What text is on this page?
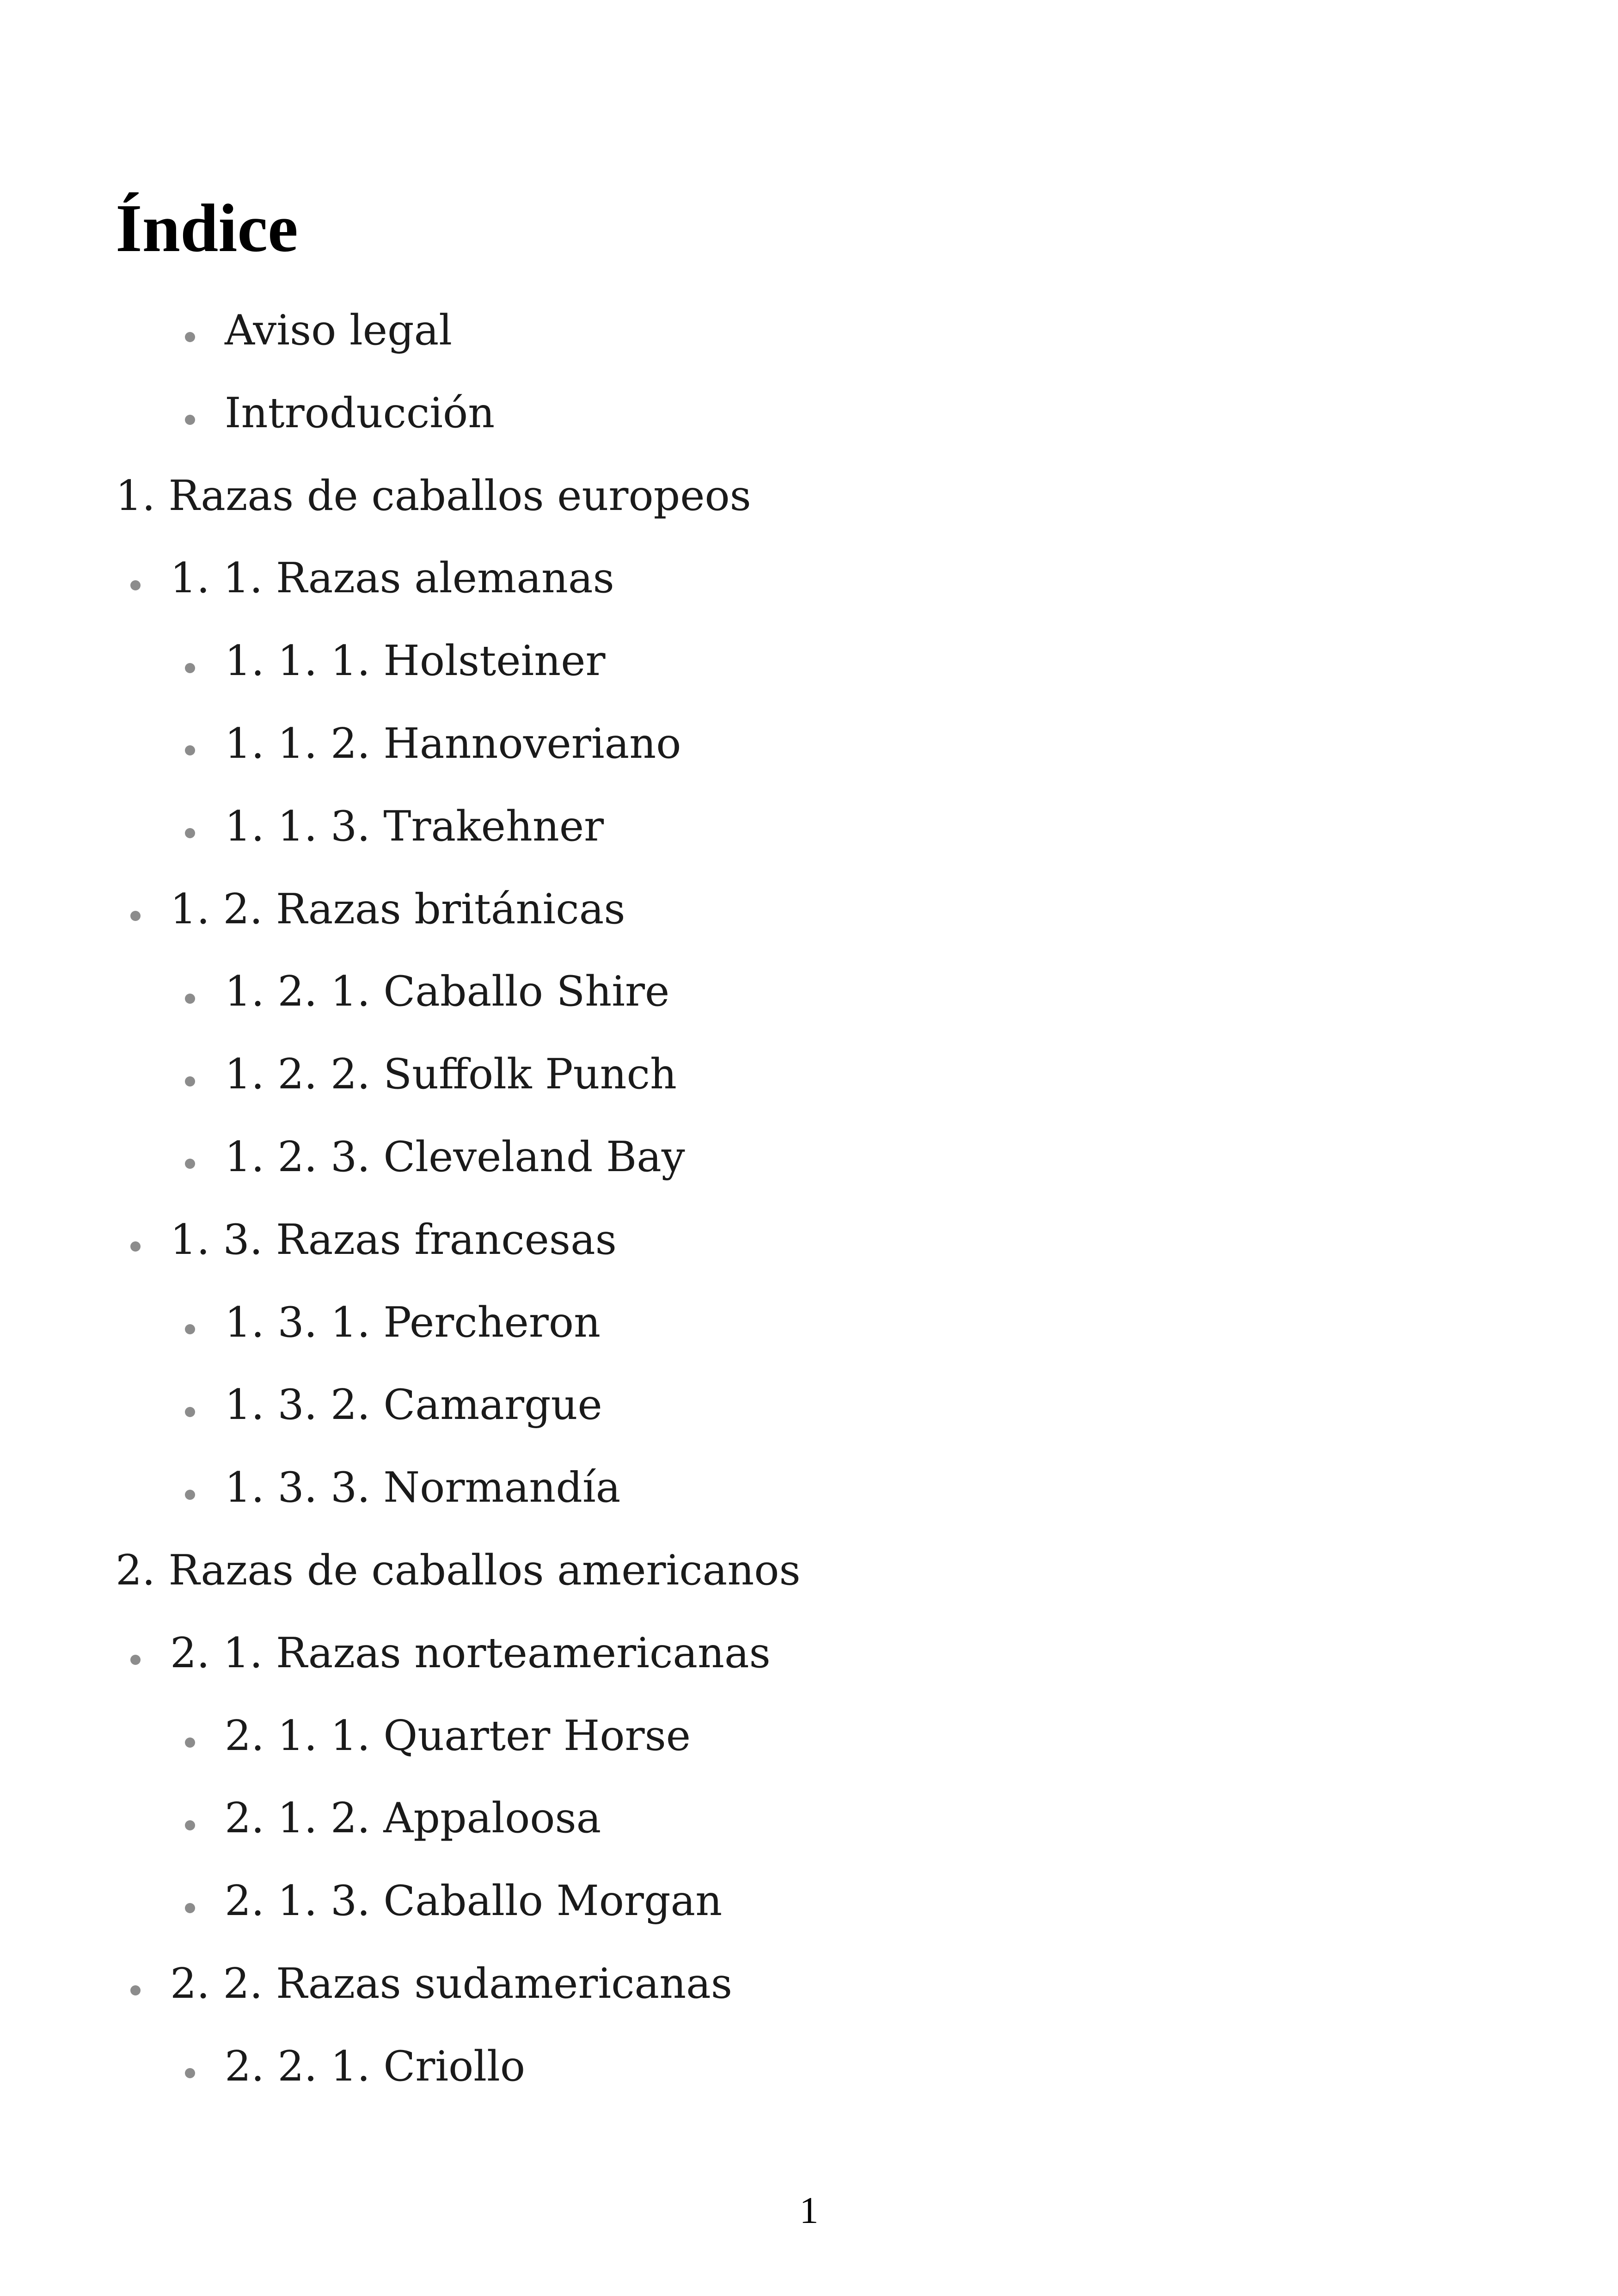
Índice
Aviso legal
Introducción
1. Razas de caballos europeos
1. 1. Razas alemanas
1. 1. 1. Holsteiner
1. 1. 2. Hannoveriano
1. 1. 3. Trakehner
1. 2. Razas británicas
1. 2. 1. Caballo Shire
1. 2. 2. Suffolk Punch
1. 2. 3. Cleveland Bay
1. 3. Razas francesas
1. 3. 1. Percheron
1. 3. 2. Camargue
1. 3. 3. Normandía
2. Razas de caballos americanos
2. 1. Razas norteamericanas
2. 1. 1. Quarter Horse
2. 1. 2. Appaloosa
2. 1. 3. Caballo Morgan
2. 2. Razas sudamericanas
2. 2. 1. Criollo
1
